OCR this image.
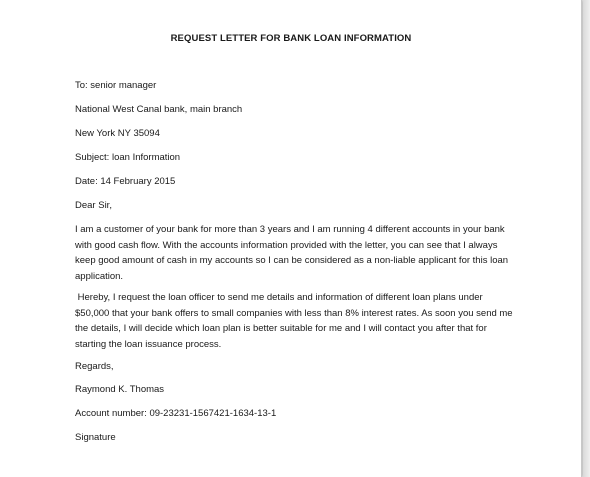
REQUEST LETTER FOR BANK LOAN INFORMATION
To: senior manager
National West Canal bank, main branch
New York NY 35094
Subject: loan Information
Date: 14 February 2015
Dear Sir,
I am a customer of your bank for more than 3 years and I am running 4 different accounts in your bank
with good cash flow. With the accounts information provided with the letter, you can see that I always
keep good amount of cash in my accounts so I can be considered as a non-liable applicant for this loan
application.
Hereby, I request the loan officer to send me details and information of different loan plans under
$50,000 that your bank offers to small companies with less than 8% interest rates. As soon you send me
the details, I will decide which loan plan is better suitable for me and I will contact you after that for
starting the loan issuance process.
Regards,
Raymond K. Thomas
Account number: 09-23231-1567421-1634-13-1
Signature
